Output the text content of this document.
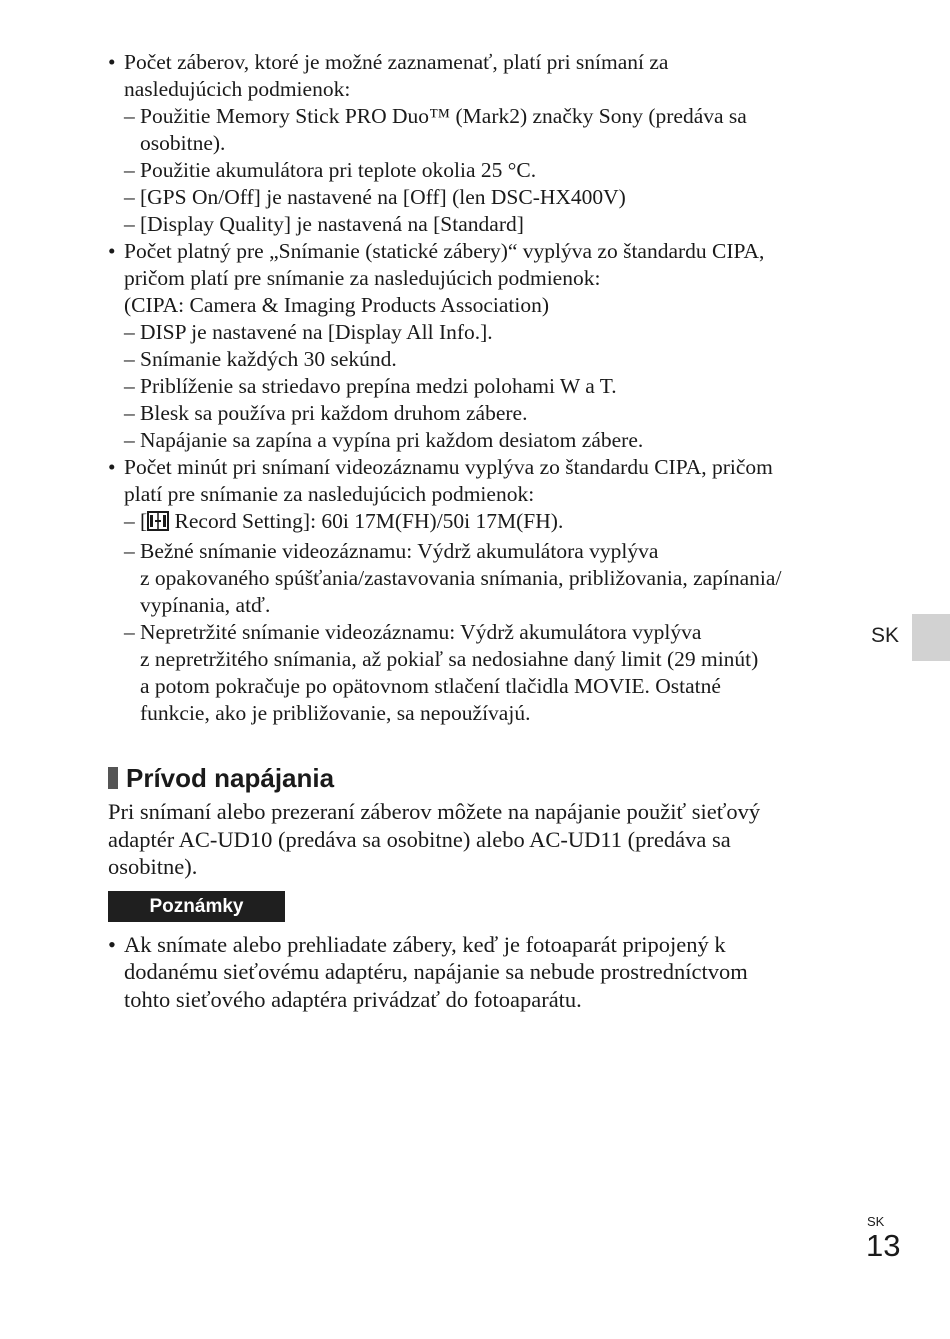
• Počet záberov, ktoré je možné zaznamenať, platí pri snímaní za

nasledujúcich podmienok:

– Použitie Memory Stick PRO Duo™ (Mark2) značky Sony (predáva sa

osobitne).

– Použitie akumulátora pri teplote okolia 25 °C.

– [GPS On/Off] je nastavené na [Off] (len DSC-HX400V)

– [Display Quality] je nastavená na [Standard]

• Počet platný pre „Snímanie (statické zábery)“ vyplýva zo štandardu CIPA,

pričom platí pre snímanie za nasledujúcich podmienok:

(CIPA: Camera & Imaging Products Association)

– DISP je nastavené na [Display All Info.].

– Snímanie každých 30 sekúnd.

– Priblíženie sa striedavo prepína medzi polohami W a T.

– Blesk sa používa pri každom druhom zábere.

– Napájanie sa zapína a vypína pri každom desiatom zábere.

• Počet minút pri snímaní videozáznamu vyplýva zo štandardu CIPA, pričom

platí pre snímanie za nasledujúcich podmienok:

– [ Record Setting]: 60i 17M(FH)/50i 17M(FH).

– Bežné snímanie videozáznamu: Výdrž akumulátora vyplýva

z opakovaného spúšťania/zastavovania snímania, približovania, zapínania/

vypínania, atď.

– Nepretržité snímanie videozáznamu: Výdrž akumulátora vyplýva

z nepretržitého snímania, až pokiaľ sa nedosiahne daný limit (29 minút)

a potom pokračuje po opätovnom stlačení tlačidla MOVIE. Ostatné

funkcie, ako je približovanie, sa nepoužívajú.

Prívod napájania
Pri snímaní alebo prezeraní záberov môžete na napájanie použiť sieťový
adaptér AC-UD10 (predáva sa osobitne) alebo AC-UD11 (predáva sa
osobitne).
Poznámky

• Ak snímate alebo prehliadate zábery, keď je fotoaparát pripojený k

dodanému sieťovému adaptéru, napájanie sa nebude prostredníctvom

tohto sieťového adaptéra privádzať do fotoaparátu.

SK
SK
13
